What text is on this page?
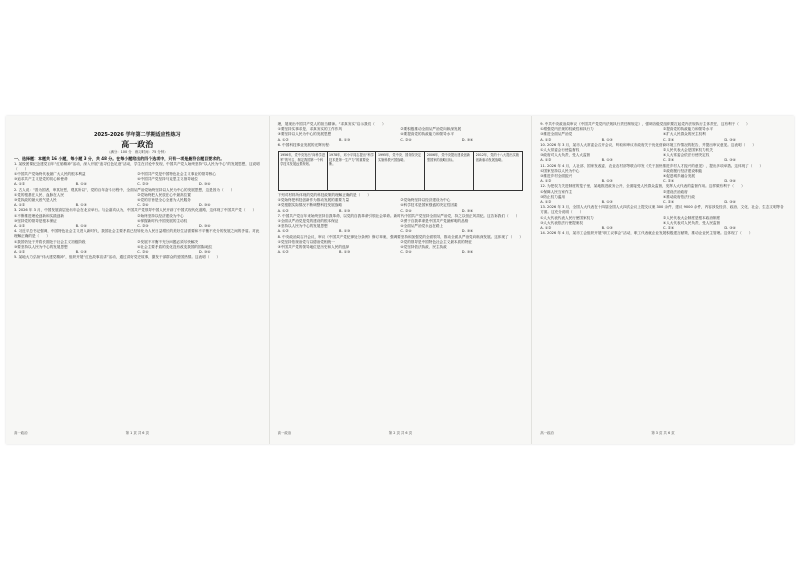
2025-2026 学年第二学期适应性练习
高一政治
（满分：100 分　练习时间：75 分钟）
一、选择题：本题共 16 小题，每小题 3 分，共 48 分。在每小题给出的四个选项中，只有一项是最符合题目要求的。
1. 某校团课纪念建党百年“红船精神”活动，深入开展“追寻红色足迹”活动，学生在讨论中发现，中国共产党人始终坚持“以人民为中心”的发展思想，这说明（　　）
①中国共产党始终代表最广大人民的根本利益	②中国共产党是中国特色社会主义事业的领导核心
③追求共产主义是党的初心和使命	④中国共产党坚持马克思主义指导地位
A. ①②	B. ①④	C. ②③	D. ③④
2. 古人说：“善为国者，审其好恶，观其所以”，党的百年奋斗历程中，全面从严治党始终坚持以人民为中心的发展思想，这是因为（　　）
①党的根基在人民、血脉在人民	②党始终把人民放在心中最高位置
③党执政的最大底气是人民	④党的宗旨是全心全意为人民服务
A. ①②	B. ①③	C. ②④	D. ③④
3. 2026 年 3 月，中国发展高层论坛年会在北京举行。与会嘉宾认为，中国共产党领导中国人民开辟了中国式现代化道路，这体现了中国共产党（　　）
①不断推进理论创新和实践创新	②始终坚持以经济建设为中心
③坚持党的领导是根本保证	④掌握新时代中国发展的主动权
A. ①②	B. ①④	C. ②③	D. ③④
4. 习近平总书记强调，中国特色社会主义进入新时代，我国社会主要矛盾已经转化为人民日益增长的美好生活需要和不平衡不充分的发展之间的矛盾。对此理解正确的是（　　）
①我国仍处于并将长期处于社会主义初级阶段	②发展不平衡不充分问题必须尽快解决
③要坚持以人民为中心的发展思想	④社会主要矛盾的变化没有改变我国的国际地位
A. ①②	B. ①③	C. ②④	D. ③④
5. 某地大力弘扬“伟大建党精神”，组织开展“红色故事宣讲”活动，通过讲好党史故事，激发干部群众的爱国热情。这表明（　　）
高一政治	第 1 页 共 6 页
理，展现出中国共产党人的担当精神。“求真务实”启示我们（　　）
①要坚持实事求是、求真务实的工作作风	②要积极推动全面从严治党向纵深发展
③要坚持以人民为中心的发展思想	④要提高党的执政能力和领导水平
A. ①②	B. ①③	C. ②④	D. ③④
6. 中国科技事业发展的光辉历程：
1956年，党中央发出“向科学进军”的号召，制定我国第一个科学技术发展远景规划。
1978年，邓小平同志提出“科学技术是第一生产力”的重要论断。
1995年，党中央、国务院决定实施科教兴国战略。
2006年，党中央提出建设创新型国家的战略目标。
2012年，党的十八大提出实施创新驱动发展战略。
下列对材料所体现的党的科技政策的理解正确的是（　　）
①党始终把科技创新作为推动发展的重要力量	②党始终坚持以经济建设为中心
③党根据实际情况不断调整科技发展战略	④科学技术是国家强盛的决定性因素
A. ①②	B. ①③	C. ②④	D. ③④
7. 中国共产党百年来始终坚持自我革命，以党的自我革命引领社会革命。新时代中国共产党坚持全面从严治党，持之以恒正风肃纪。这告诉我们（　　）
①全面从严治党是党的建设的根本保证	②勇于自我革命是中国共产党最鲜明的品格
③坚持以人民为中心的发展思想	④全面从严治党永远在路上
A. ①②	B. ①③	C. ②④	D. ③④
8. 中央政治局召开会议，审议《中国共产党纪律处分条例》修订草案，强调要坚持和加强党的全面领导，推动全面从严治党向纵深发展。这体现了（　　）
①党坚持依规治党与以德治党相统一	②党的领导是中国特色社会主义最本质的特征
③中国共产党的领导地位是历史和人民的选择	④党坚持依法执政、民主执政
A. ①②	B. ①③	C. ②④	D. ③④
高一政治	第 2 页 共 6 页
9. 中共中央政治局审议《中国共产党党内法规执行责任制规定》，强调各级党组织要扛起党内法规执行主体责任，这有利于（　　）
①增强党内法规的权威性和执行力	②提高党的执政能力和领导水平
③推进全面从严治党	④扩大人民群众的民主权利
A. ①②	B. ①③	C. ②④	D. ③④
10. 2026 年 3 月，某市人大常委会召开会议，听取和审议市政府关于优化营商环境工作情况的报告，并提出审议意见。这表明（　　）
①人大常委会行使监督权	②人民代表大会是国家权力机关
③政府对人大负责，受人大监督	④人大常委会依法行使决定权
A. ①②	B. ①③	C. ②④	D. ③④
11. 2026 年 4 月，人社部、国家发改委、农业农村部等联合印发《关于加快推进乡村人才振兴的意见》，提出多项举措。这体现了（　　）
①国家坚持以人民为中心	②政府履行经济建设职能
③推进乡村全面振兴	④促进城乡融合发展
A. ①②	B. ①③	C. ②④	D. ③④
12. 为把权力关进制度的笼子里，某地推进政务公开，全面接受人民群众监督，发挥人大代表的监督作用。这样做有利于（　　）
①保障人民当家作主	②建设法治政府
③防止权力滥用	④推动政府依法行政
A. ①②	B. ①③	C. ②④	D. ③④
13. 2026 年 3 月，全国人大代表在十四届全国人大四次会议上提交议案 300 余件，建议 9000 余件，内容涉及经济、政治、文化、社会、生态文明等各方面。这充分说明（　　）
①人大代表代表人民行使国家权力	②人民代表大会制度是根本政治制度
③人大代表依法行使提案权	④人大代表对人民负责，受人民监督
A. ①②	B. ①③	C. ②④	D. ③④
14. 2026 年 4 月，某市工会组织开展“职工议事会”活动，职工代表就企业发展积极建言献策，推动企业民主管理。这体现了（　　）
高一政治	第 3 页 共 6 页
